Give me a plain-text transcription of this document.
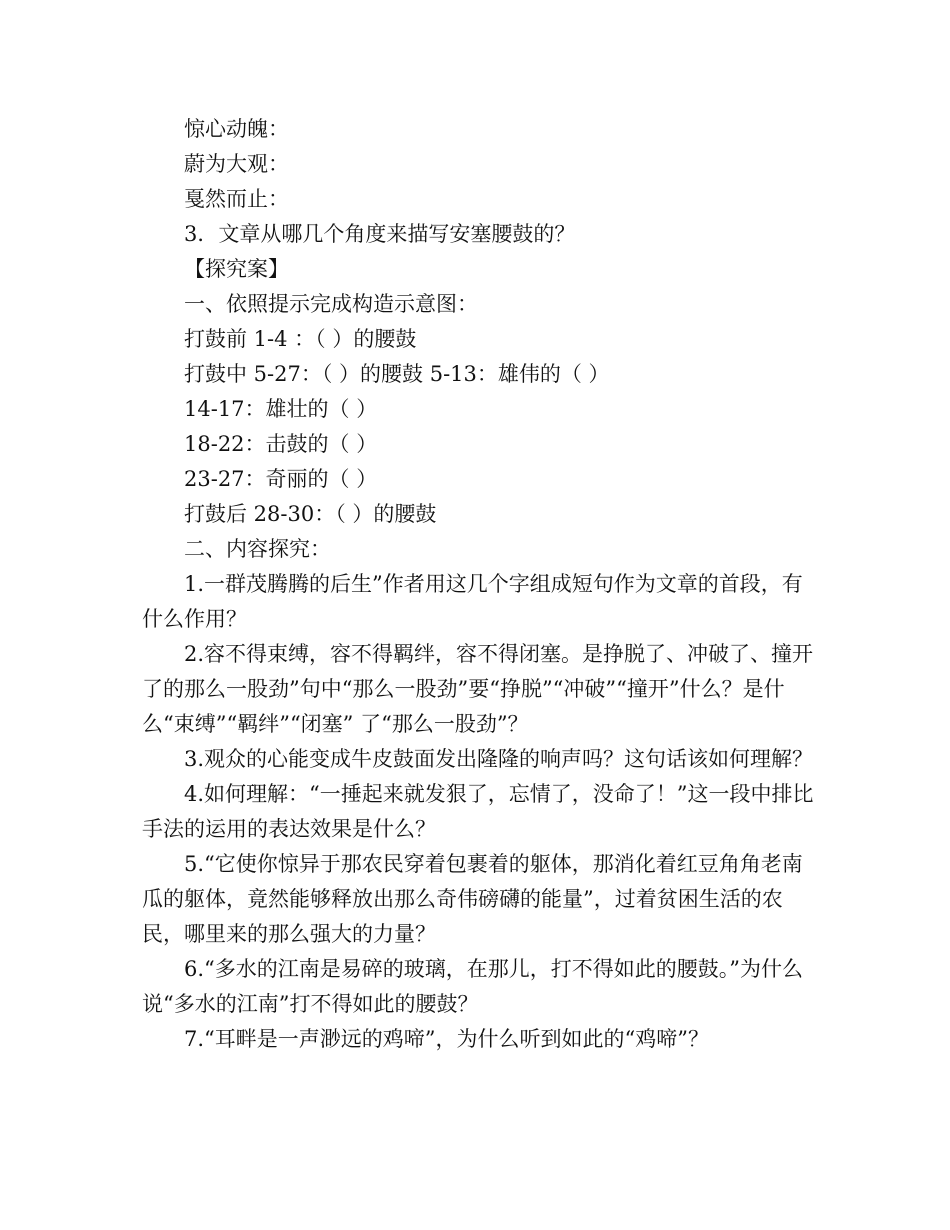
惊心动魄：
蔚为大观：
戛然而止：
3．文章从哪几个角度来描写安塞腰鼓的？
【探究案】
一、依照提示完成构造示意图：
打鼓前 1-4 ：（ ）的腰鼓
打鼓中 5-27：（ ）的腰鼓 5-13：雄伟的（ ）
14-17：雄壮的（ ）
18-22：击鼓的（ ）
23-27：奇丽的（ ）
打鼓后 28-30：（ ）的腰鼓
二、内容探究：
1.一群茂腾腾的后生”作者用这几个字组成短句作为文章的首段，有什么作用？
2.容不得束缚，容不得羁绊，容不得闭塞。是挣脱了、冲破了、撞开了的那么一股劲”句中“那么一股劲”要“挣脱”“冲破”“撞开”什么？是什么“束缚”“羁绊”“闭塞” 了“那么一股劲”？
3.观众的心能变成牛皮鼓面发出隆隆的响声吗？这句话该如何理解？
4.如何理解：“一捶起来就发狠了，忘情了，没命了！”这一段中排比手法的运用的表达效果是什么？
5.“它使你惊异于那农民穿着包裹着的躯体，那消化着红豆角角老南瓜的躯体，竟然能够释放出那么奇伟磅礴的能量”，过着贫困生活的农民，哪里来的那么强大的力量？
6.“多水的江南是易碎的玻璃，在那儿，打不得如此的腰鼓。”为什么说“多水的江南”打不得如此的腰鼓？
7.“耳畔是一声渺远的鸡啼”，为什么听到如此的“鸡啼”？
